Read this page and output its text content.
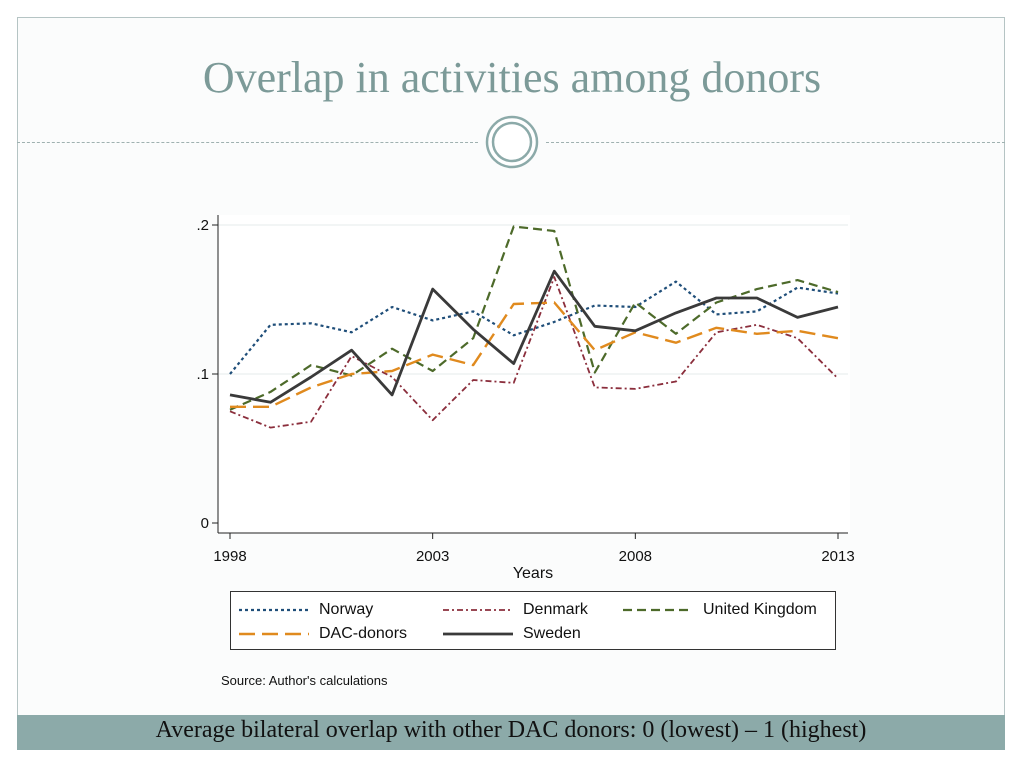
Overlap in activities among donors
0
.1
.2
1998	2003	2008	2013
Years
Norway	Denmark	United Kingdom
DAC-donors	Sweden
Source: Author's calculations
Average bilateral overlap with other DAC donors: 0 (lowest) – 1 (highest)
